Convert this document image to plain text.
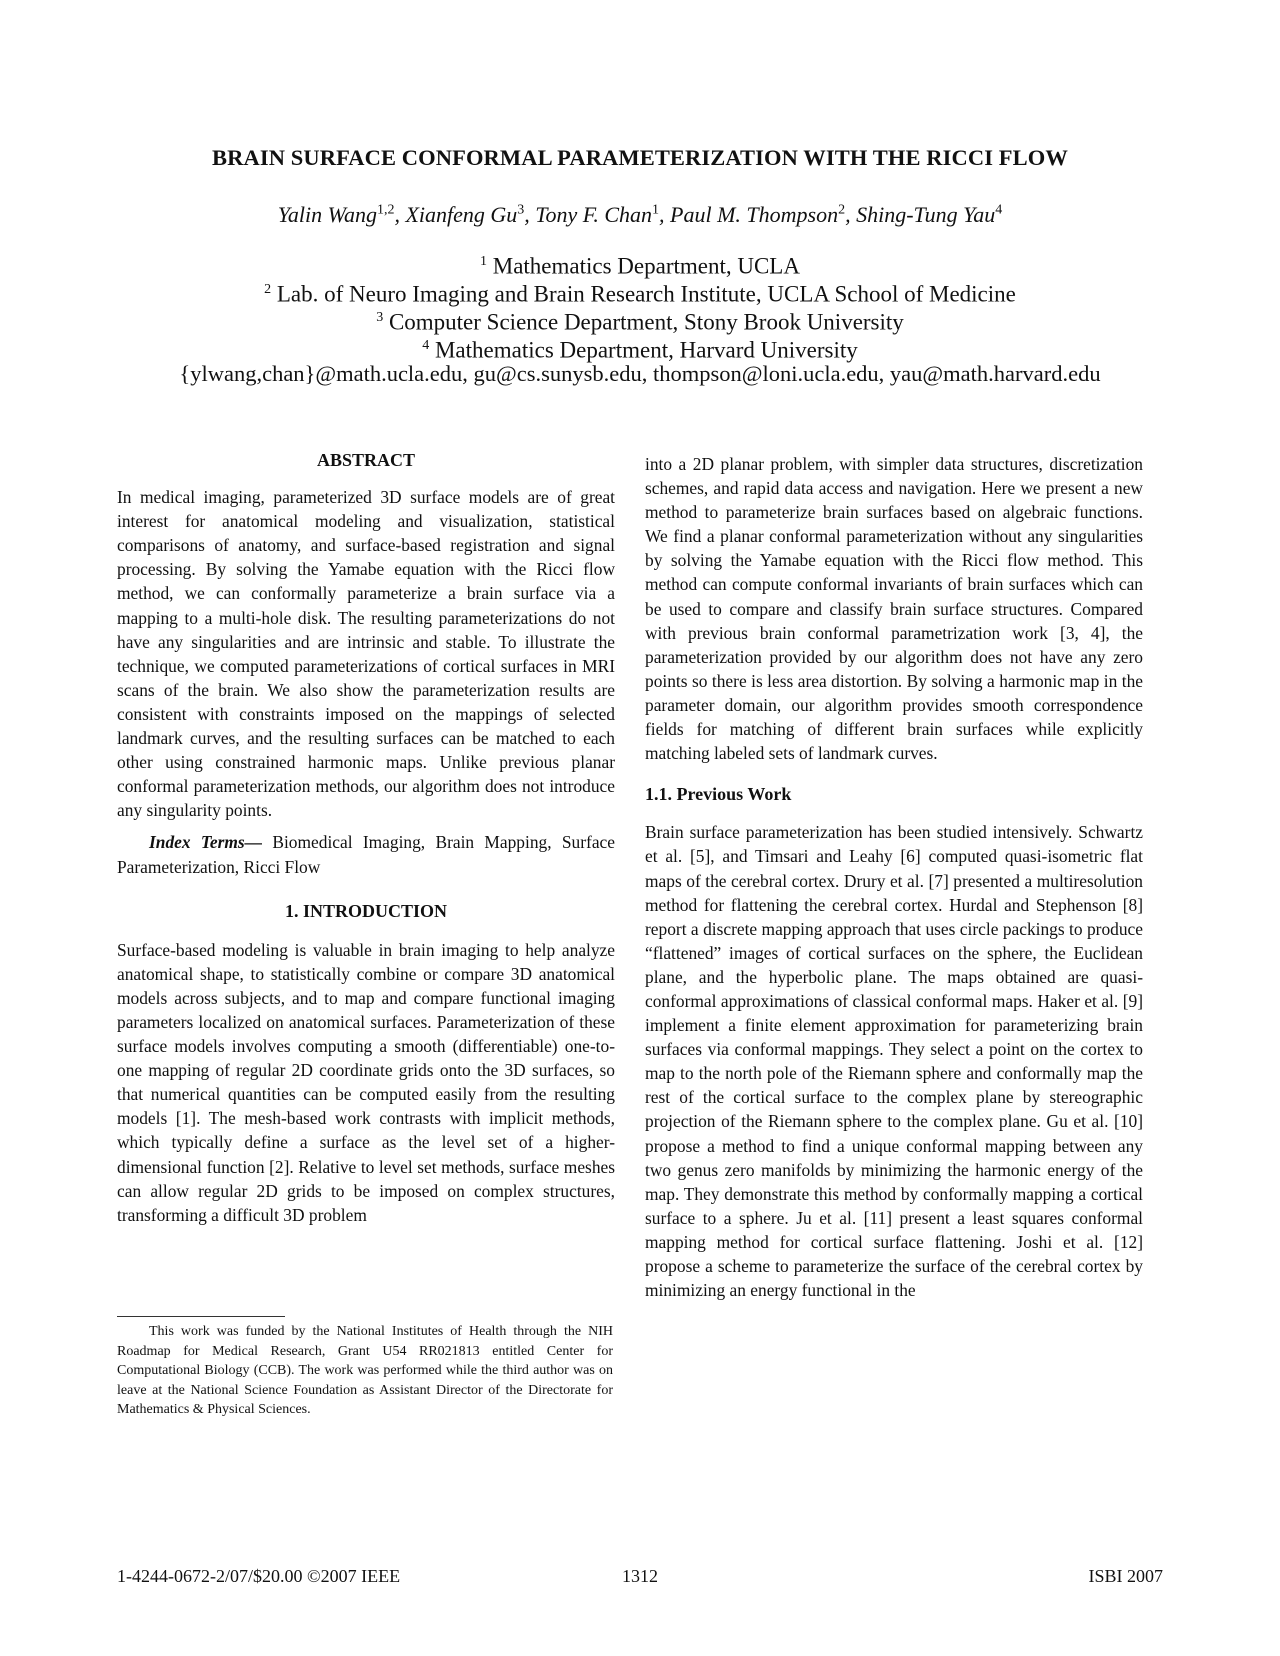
BRAIN SURFACE CONFORMAL PARAMETERIZATION WITH THE RICCI FLOW
Yalin Wang$^{1,2}$, Xianfeng Gu$^3$, Tony F. Chan$^1$, Paul M. Thompson$^2$, Shing-Tung Yau$^4$
$^1$ Mathematics Department, UCLA
$^2$ Lab. of Neuro Imaging and Brain Research Institute, UCLA School of Medicine
$^3$ Computer Science Department, Stony Brook University
$^4$ Mathematics Department, Harvard University
{ylwang,chan}@math.ucla.edu, gu@cs.sunysb.edu, thompson@loni.ucla.edu, yau@math.harvard.edu
ABSTRACT

In medical imaging, parameterized 3D surface models are of great interest for anatomical modeling and visualization, statistical comparisons of anatomy, and surface-based registration and signal processing. By solving the Yamabe equation with the Ricci flow method, we can conformally parameterize a brain surface via a mapping to a multi-hole disk. The resulting parameterizations do not have any singularities and are intrinsic and stable. To illustrate the technique, we computed parameterizations of cortical surfaces in MRI scans of the brain. We also show the parameterization results are consistent with constraints imposed on the mappings of selected landmark curves, and the resulting surfaces can be matched to each other using constrained harmonic maps. Unlike previous planar conformal parameterization methods, our algorithm does not introduce any singularity points.

Index Terms— Biomedical Imaging, Brain Mapping, Surface Parameterization, Ricci Flow

1. INTRODUCTION

Surface-based modeling is valuable in brain imaging to help analyze anatomical shape, to statistically combine or compare 3D anatomical models across subjects, and to map and compare functional imaging parameters localized on anatomical surfaces. Parameterization of these surface models involves computing a smooth (differentiable) one-to-one mapping of regular 2D coordinate grids onto the 3D surfaces, so that numerical quantities can be computed easily from the resulting models [1]. The mesh-based work contrasts with implicit methods, which typically define a surface as the level set of a higher-dimensional function [2]. Relative to level set methods, surface meshes can allow regular 2D grids to be imposed on complex structures, transforming a difficult 3D problem

This work was funded by the National Institutes of Health through the NIH Roadmap for Medical Research, Grant U54 RR021813 entitled Center for Computational Biology (CCB). The work was performed while the third author was on leave at the National Science Foundation as Assistant Director of the Directorate for Mathematics & Physical Sciences.

into a 2D planar problem, with simpler data structures, discretization schemes, and rapid data access and navigation. Here we present a new method to parameterize brain surfaces based on algebraic functions. We find a planar conformal parameterization without any singularities by solving the Yamabe equation with the Ricci flow method. This method can compute conformal invariants of brain surfaces which can be used to compare and classify brain surface structures. Compared with previous brain conformal parametrization work [3, 4], the parameterization provided by our algorithm does not have any zero points so there is less area distortion. By solving a harmonic map in the parameter domain, our algorithm provides smooth correspondence fields for matching of different brain surfaces while explicitly matching labeled sets of landmark curves.

1.1. Previous Work

Brain surface parameterization has been studied intensively. Schwartz et al. [5], and Timsari and Leahy [6] computed quasi-isometric flat maps of the cerebral cortex. Drury et al. [7] presented a multiresolution method for flattening the cerebral cortex. Hurdal and Stephenson [8] report a discrete mapping approach that uses circle packings to produce “flattened” images of cortical surfaces on the sphere, the Euclidean plane, and the hyperbolic plane. The maps obtained are quasi-conformal approximations of classical conformal maps. Haker et al. [9] implement a finite element approximation for parameterizing brain surfaces via conformal mappings. They select a point on the cortex to map to the north pole of the Riemann sphere and conformally map the rest of the cortical surface to the complex plane by stereographic projection of the Riemann sphere to the complex plane. Gu et al. [10] propose a method to find a unique conformal mapping between any two genus zero manifolds by minimizing the harmonic energy of the map. They demonstrate this method by conformally mapping a cortical surface to a sphere. Ju et al. [11] present a least squares conformal mapping method for cortical surface flattening. Joshi et al. [12] propose a scheme to parameterize the surface of the cerebral cortex by minimizing an energy functional in the

1-4244-0672-2/07/$20.00 ©2007 IEEE	1312	ISBI 2007
